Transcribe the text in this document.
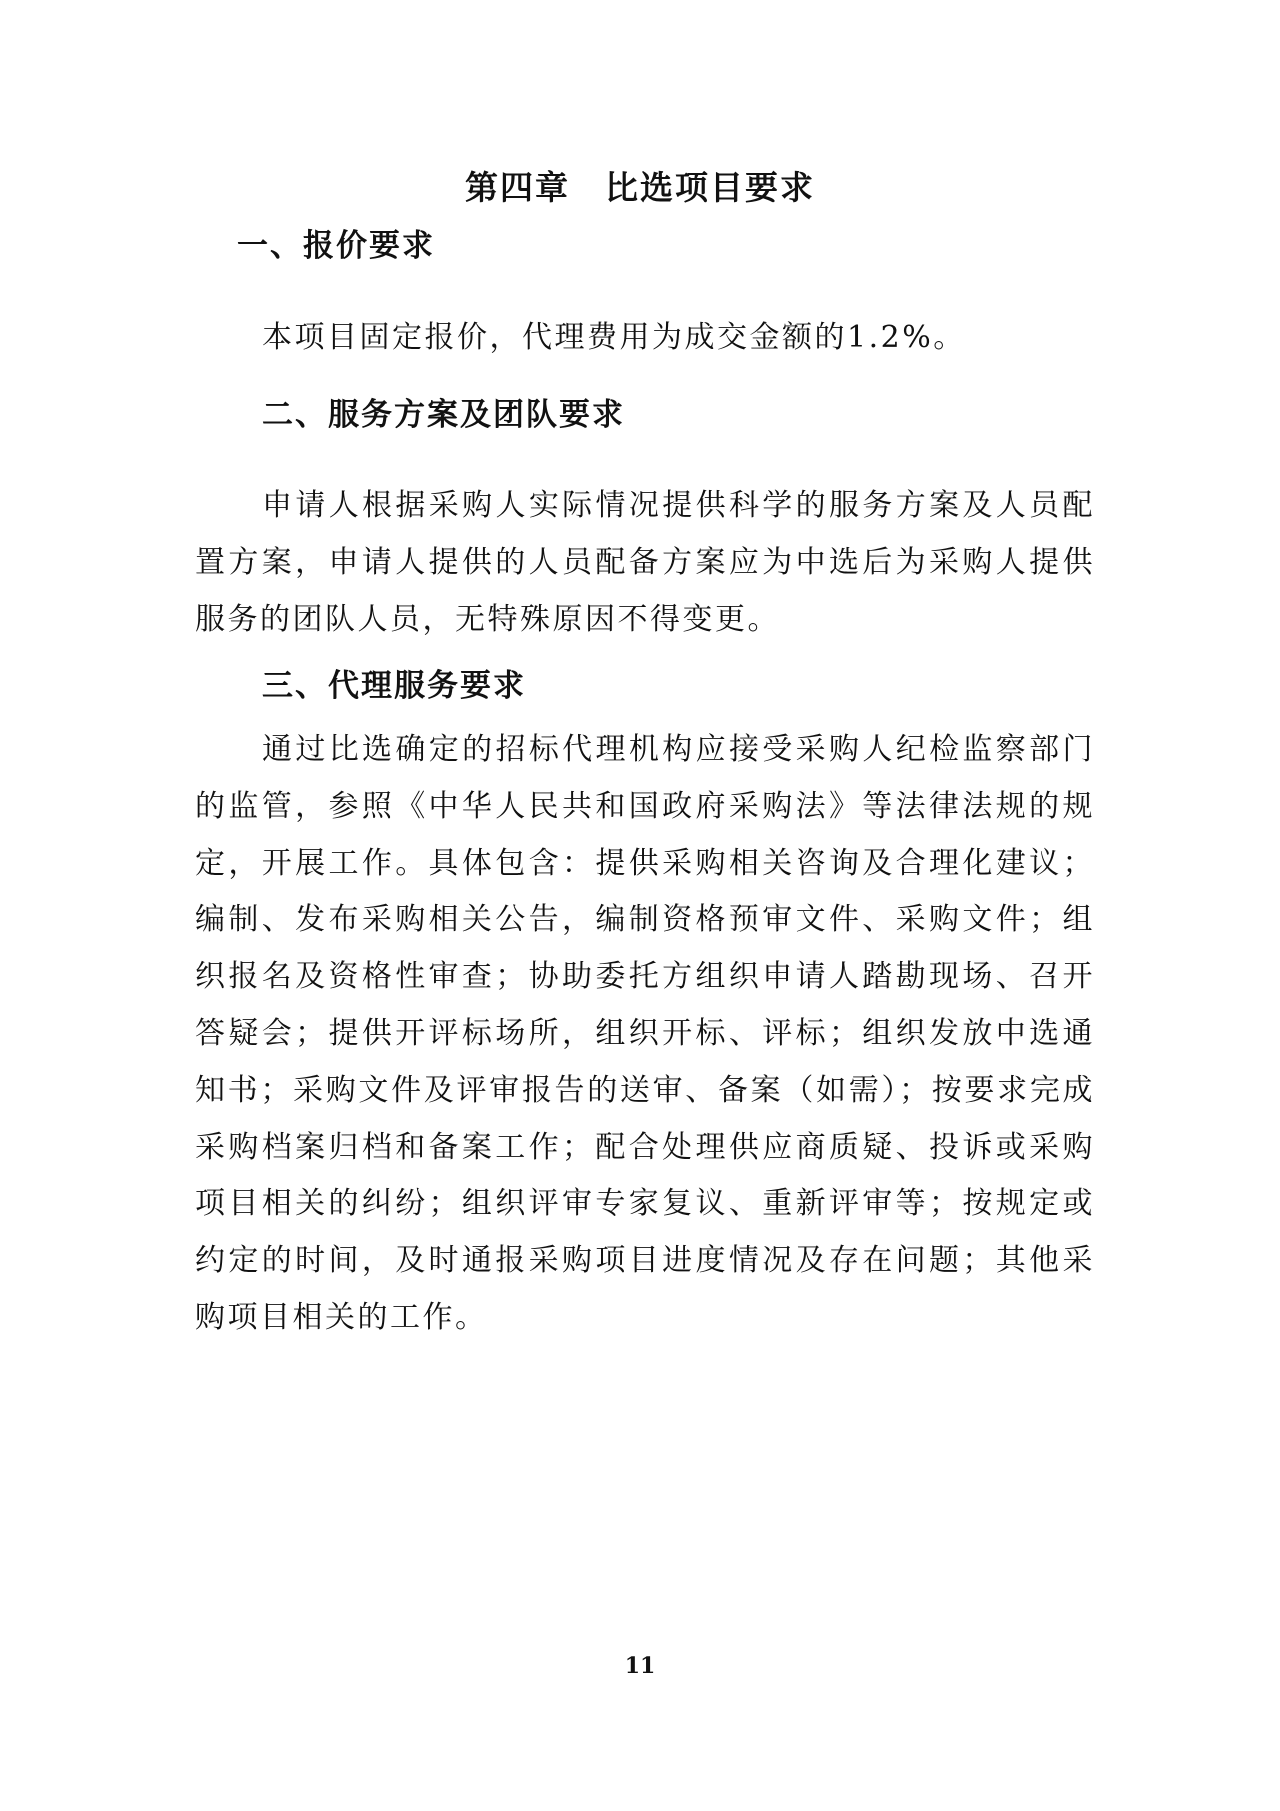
第四章　比选项目要求
一、报价要求
本项目固定报价，代理费用为成交金额的1.2%。
二、服务方案及团队要求
申请人根据采购人实际情况提供科学的服务方案及人员配置方案，申请人提供的人员配备方案应为中选后为采购人提供服务的团队人员，无特殊原因不得变更。
三、代理服务要求
通过比选确定的招标代理机构应接受采购人纪检监察部门的监管，参照《中华人民共和国政府采购法》等法律法规的规定，开展工作。具体包含：提供采购相关咨询及合理化建议；编制、发布采购相关公告，编制资格预审文件、采购文件；组织报名及资格性审查；协助委托方组织申请人踏勘现场、召开答疑会；提供开评标场所，组织开标、评标；组织发放中选通知书；采购文件及评审报告的送审、备案（如需）；按要求完成采购档案归档和备案工作；配合处理供应商质疑、投诉或采购项目相关的纠纷；组织评审专家复议、重新评审等；按规定或约定的时间，及时通报采购项目进度情况及存在问题；其他采购项目相关的工作。
11
